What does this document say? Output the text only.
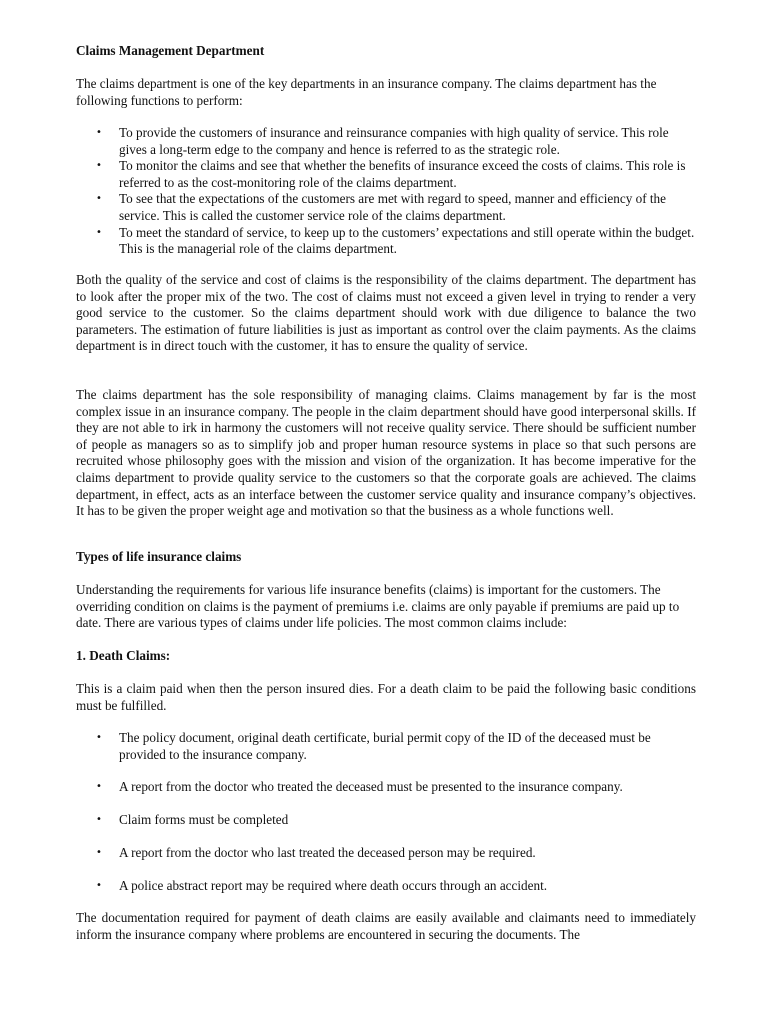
Claims Management Department

The claims department is one of the key departments in an insurance company. The claims department has the following functions to perform:

• To provide the customers of insurance and reinsurance companies with high quality of service. This role gives a long-term edge to the company and hence is referred to as the strategic role.
• To monitor the claims and see that whether the benefits of insurance exceed the costs of claims. This role is referred to as the cost-monitoring role of the claims department.
• To see that the expectations of the customers are met with regard to speed, manner and efficiency of the service. This is called the customer service role of the claims department.
• To meet the standard of service, to keep up to the customers’ expectations and still operate within the budget. This is the managerial role of the claims department.

Both the quality of the service and cost of claims is the responsibility of the claims department. The department has to look after the proper mix of the two. The cost of claims must not exceed a given level in trying to render a very good service to the customer. So the claims department should work with due diligence to balance the two parameters. The estimation of future liabilities is just as important as control over the claim payments. As the claims department is in direct touch with the customer, it has to ensure the quality of service.

The claims department has the sole responsibility of managing claims. Claims management by far is the most complex issue in an insurance company. The people in the claim department should have good interpersonal skills. If they are not able to irk in harmony the customers will not receive quality service. There should be sufficient number of people as managers so as to simplify job and proper human resource systems in place so that such persons are recruited whose philosophy goes with the mission and vision of the organization. It has become imperative for the claims department to provide quality service to the customers so that the corporate goals are achieved. The claims department, in effect, acts as an interface between the customer service quality and insurance company’s objectives. It has to be given the proper weight age and motivation so that the business as a whole functions well.

Types of life insurance claims

Understanding the requirements for various life insurance benefits (claims) is important for the customers. The overriding condition on claims is the payment of premiums i.e. claims are only payable if premiums are paid up to date. There are various types of claims under life policies. The most common claims include:

1. Death Claims:

This is a claim paid when then the person insured dies. For a death claim to be paid the following basic conditions must be fulfilled.

• The policy document, original death certificate, burial permit copy of the ID of the deceased must be provided to the insurance company.
• A report from the doctor who treated the deceased must be presented to the insurance company.
• Claim forms must be completed
• A report from the doctor who last treated the deceased person may be required.
• A police abstract report may be required where death occurs through an accident.

The documentation required for payment of death claims are easily available and claimants need to immediately inform the insurance company where problems are encountered in securing the documents. The
